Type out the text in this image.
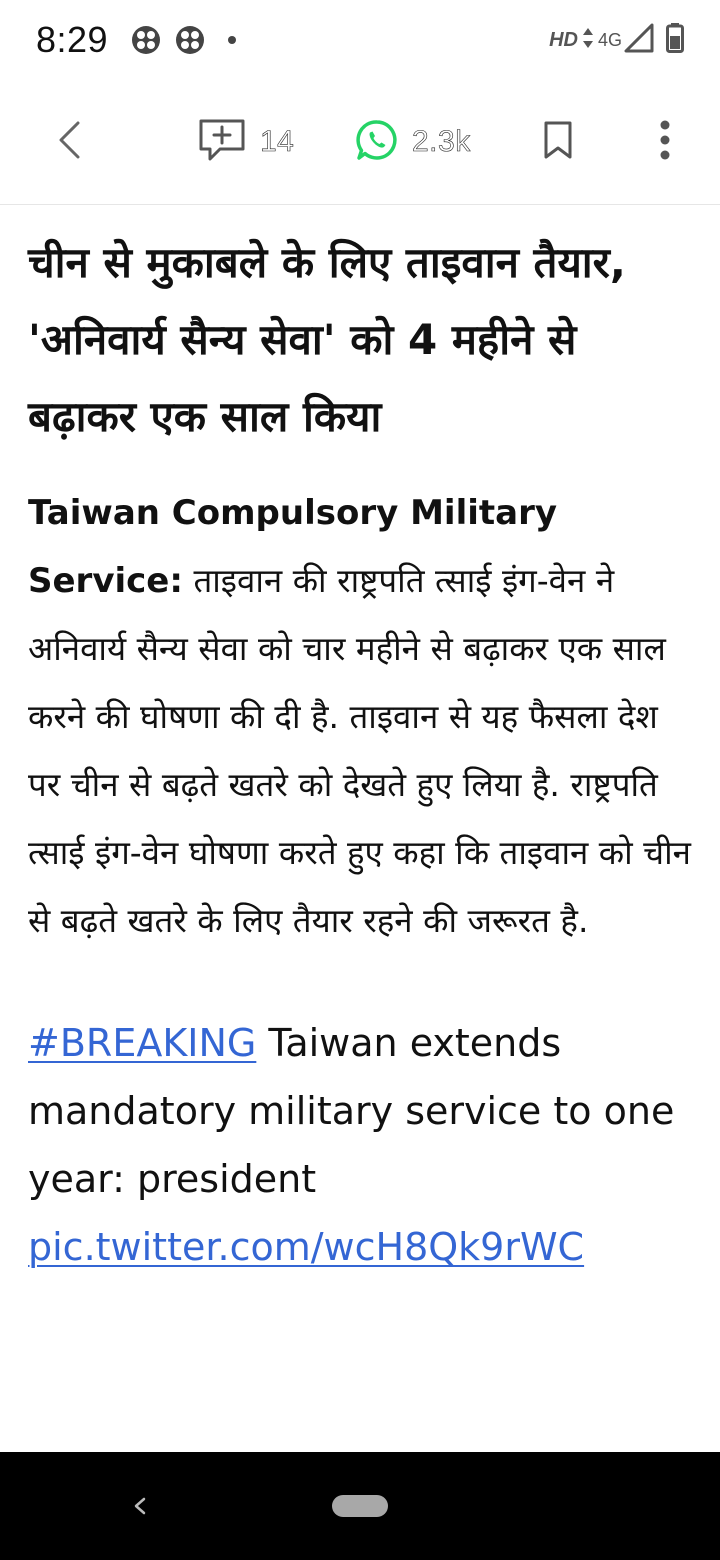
8:29	HD 4G
14	2.3k
चीन से मुकाबले के लिए ताइवान तैयार, 'अनिवार्य सैन्य सेवा' को 4 महीने से बढ़ाकर एक साल किया

Taiwan Compulsory Military Service: ताइवान की राष्ट्रपति त्साई इंग-वेन ने अनिवार्य सैन्य सेवा को चार महीने से बढ़ाकर एक साल करने की घोषणा की दी है. ताइवान से यह फैसला देश पर चीन से बढ़ते खतरे को देखते हुए लिया है. राष्ट्रपति त्साई इंग-वेन घोषणा करते हुए कहा कि ताइवान को चीन से बढ़ते खतरे के लिए तैयार रहने की जरूरत है.

#BREAKING Taiwan extends mandatory military service to one year: president pic.twitter.com/wcH8Qk9rWC
